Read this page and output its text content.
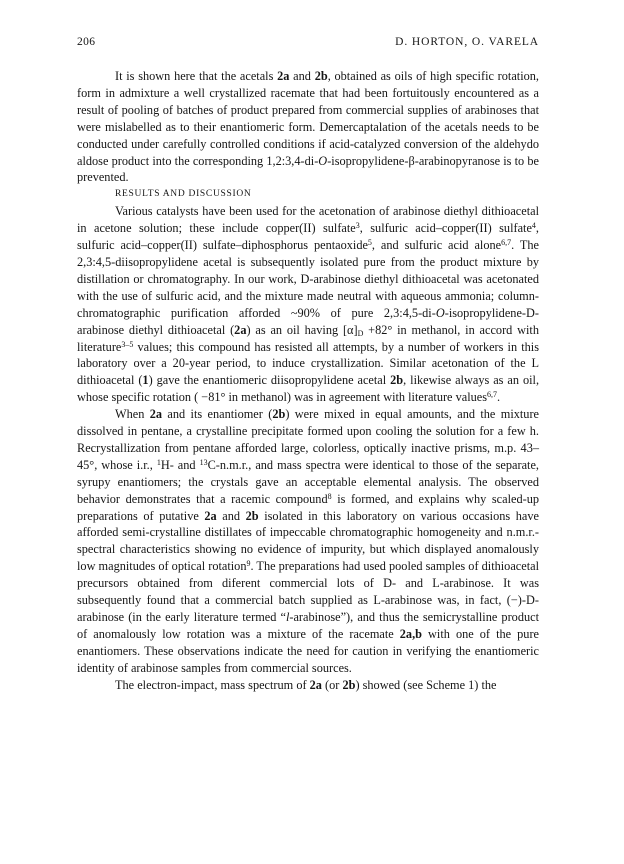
206	D. HORTON, O. VARELA

It is shown here that the acetals 2a and 2b, obtained as oils of high specific rotation, form in admixture a well crystallized racemate that had been fortuitously encountered as a result of pooling of batches of product prepared from commercial supplies of arabinoses that were mislabelled as to their enantiomeric form. Demercaptalation of the acetals needs to be conducted under carefully controlled conditions if acid-catalyzed conversion of the aldehydo aldose product into the corresponding 1,2:3,4-di-O-isopropylidene-β-arabinopyranose is to be prevented.

RESULTS AND DISCUSSION

Various catalysts have been used for the acetonation of arabinose diethyl dithioacetal in acetone solution; these include copper(II) sulfate$^3$, sulfuric acid–copper(II) sulfate$^4$, sulfuric acid–copper(II) sulfate–diphosphorus pentaoxide$^5$, and sulfuric acid alone$^{6,7}$. The 2,3:4,5-diisopropylidene acetal is subsequently isolated pure from the product mixture by distillation or chromatography. In our work, D-arabinose diethyl dithioacetal was acetonated with the use of sulfuric acid, and the mixture made neutral with aqueous ammonia; column-chromatographic purification afforded ~90% of pure 2,3:4,5-di-O-isopropylidene-D-arabinose diethyl dithioacetal (2a) as an oil having $[\alpha]_D +82^\circ$ in methanol, in accord with literature$^{3-5}$ values; this compound has resisted all attempts, by a number of workers in this laboratory over a 20-year period, to induce crystallization. Similar acetonation of the L dithioacetal (1) gave the enantiomeric diisopropylidene acetal 2b, likewise always as an oil, whose specific rotation ( −81° in methanol) was in agreement with literature values$^{6,7}$.

When 2a and its enantiomer (2b) were mixed in equal amounts, and the mixture dissolved in pentane, a crystalline precipitate formed upon cooling the solution for a few h. Recrystallization from pentane afforded large, colorless, optically inactive prisms, m.p. 43–45°, whose i.r., $^1$H- and $^{13}$C-n.m.r., and mass spectra were identical to those of the separate, syrupy enantiomers; the crystals gave an acceptable elemental analysis. The observed behavior demonstrates that a racemic compound$^8$ is formed, and explains why scaled-up preparations of putative 2a and 2b isolated in this laboratory on various occasions have afforded semi-crystalline distillates of impeccable chromatographic homogeneity and n.m.r.-spectral characteristics showing no evidence of impurity, but which displayed anomalously low magnitudes of optical rotation$^9$. The preparations had used pooled samples of dithioacetal precursors obtained from diferent commercial lots of D- and L-arabinose. It was subsequently found that a commercial batch supplied as L-arabinose was, in fact, (−)-D-arabinose (in the early literature termed “l-arabinose”), and thus the semicrystalline product of anomalously low rotation was a mixture of the racemate 2a,b with one of the pure enantiomers. These observations indicate the need for caution in verifying the enantiomeric identity of arabinose samples from commercial sources.

The electron-impact, mass spectrum of 2a (or 2b) showed (see Scheme 1) the
